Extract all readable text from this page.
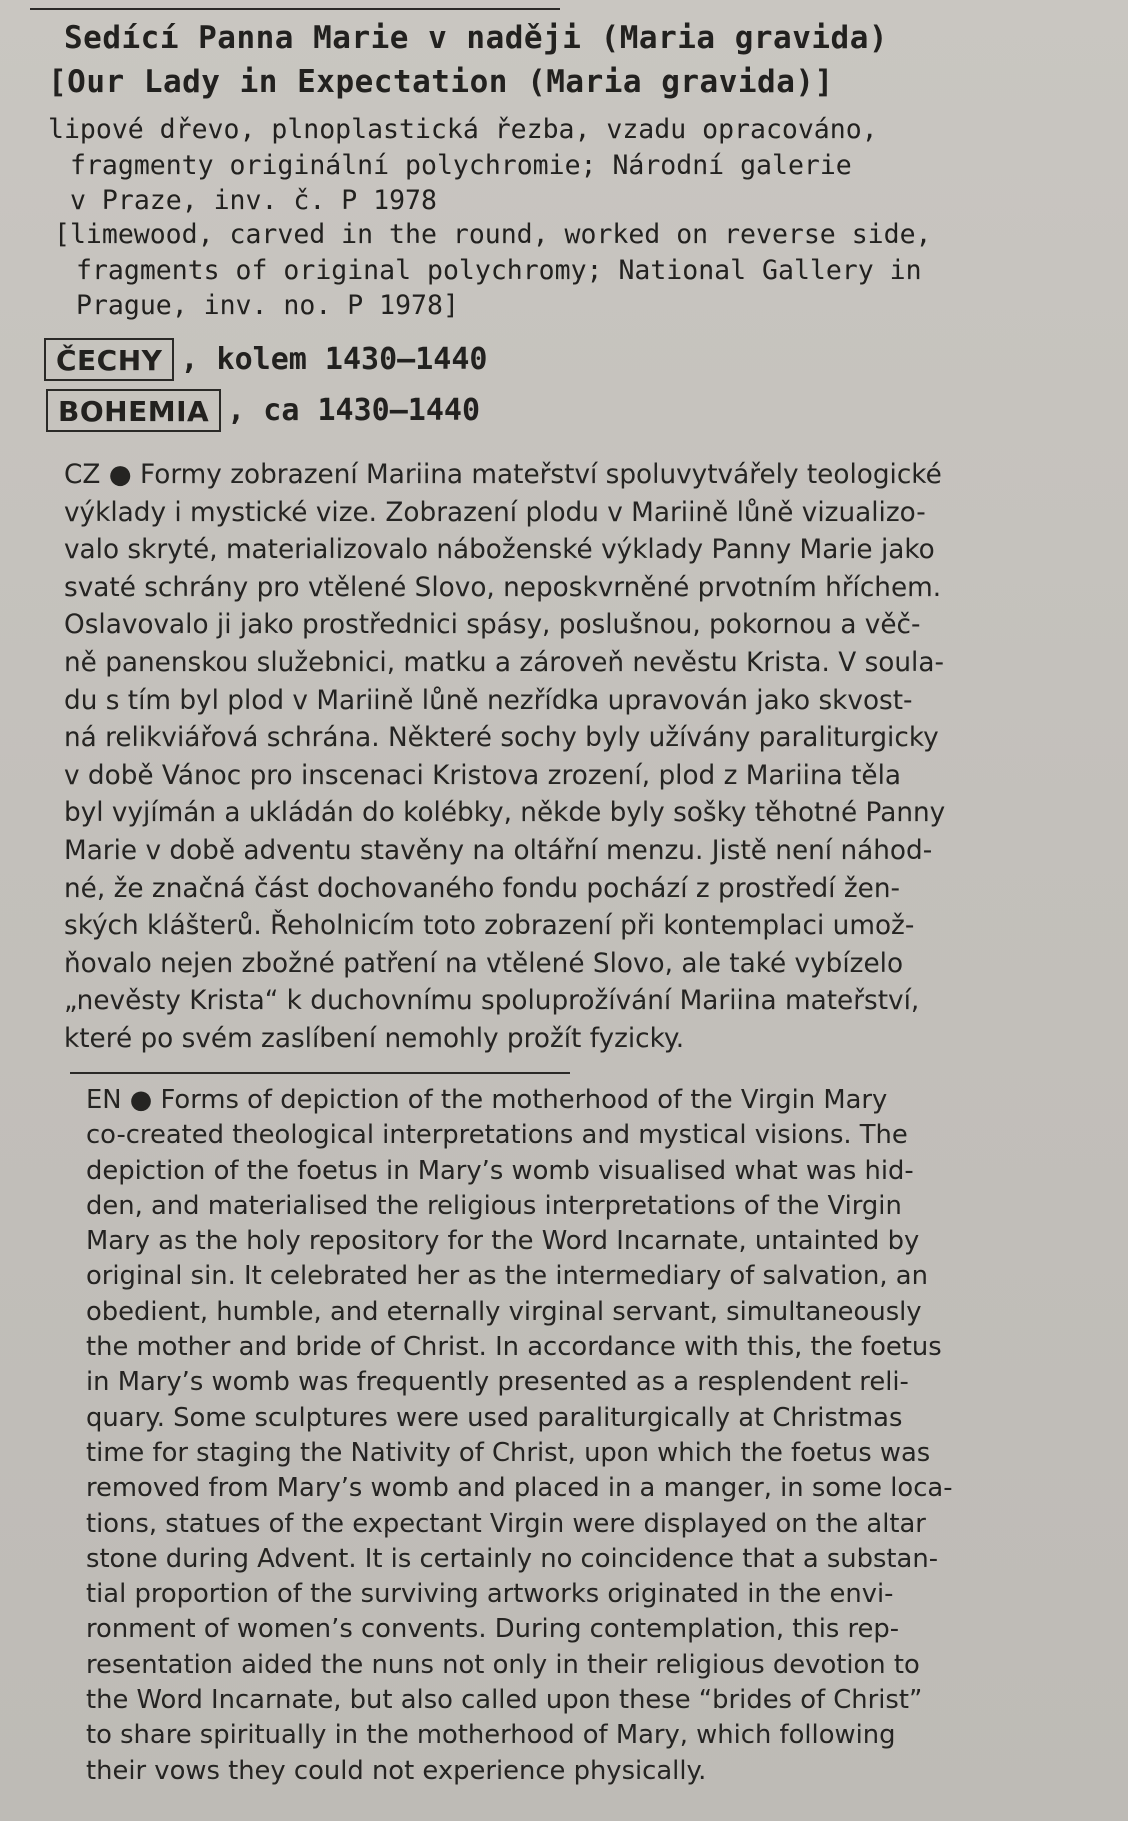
Sedící Panna Marie v naději (Maria gravida)
[Our Lady in Expectation (Maria gravida)]
lipové dřevo, plnoplastická řezba, vzadu opracováno,
fragmenty originální polychromie; Národní galerie
v Praze, inv. č. P 1978
[limewood, carved in the round, worked on reverse side,
fragments of original polychromy; National Gallery in
Prague, inv. no. P 1978]
ČECHY , kolem 1430–1440
BOHEMIA , ca 1430–1440
CZ ● Formy zobrazení Mariina mateřství spoluvytvářely teologické
výklady i mystické vize. Zobrazení plodu v Mariině lůně vizualizo-
valo skryté, materializovalo náboženské výklady Panny Marie jako
svaté schrány pro vtělené Slovo, neposkvrněné prvotním hříchem.
Oslavovalo ji jako prostřednici spásy, poslušnou, pokornou a věč-
ně panenskou služebnici, matku a zároveň nevěstu Krista. V soula-
du s tím byl plod v Mariině lůně nezřídka upravován jako skvost-
ná relikviářová schrána. Některé sochy byly užívány paraliturgicky
v době Vánoc pro inscenaci Kristova zrození, plod z Mariina těla
byl vyjímán a ukládán do kolébky, někde byly sošky těhotné Panny
Marie v době adventu stavěny na oltářní menzu. Jistě není náhod-
né, že značná část dochovaného fondu pochází z prostředí žen-
ských klášterů. Řeholnicím toto zobrazení při kontemplaci umož-
ňovalo nejen zbožné patření na vtělené Slovo, ale také vybízelo
„nevěsty Krista“ k duchovnímu spoluprožívání Mariina mateřství,
které po svém zaslíbení nemohly prožít fyzicky.
EN ● Forms of depiction of the motherhood of the Virgin Mary
co-created theological interpretations and mystical visions. The
depiction of the foetus in Mary’s womb visualised what was hid-
den, and materialised the religious interpretations of the Virgin
Mary as the holy repository for the Word Incarnate, untainted by
original sin. It celebrated her as the intermediary of salvation, an
obedient, humble, and eternally virginal servant, simultaneously
the mother and bride of Christ. In accordance with this, the foetus
in Mary’s womb was frequently presented as a resplendent reli-
quary. Some sculptures were used paraliturgically at Christmas
time for staging the Nativity of Christ, upon which the foetus was
removed from Mary’s womb and placed in a manger, in some loca-
tions, statues of the expectant Virgin were displayed on the altar
stone during Advent. It is certainly no coincidence that a substan-
tial proportion of the surviving artworks originated in the envi-
ronment of women’s convents. During contemplation, this rep-
resentation aided the nuns not only in their religious devotion to
the Word Incarnate, but also called upon these “brides of Christ”
to share spiritually in the motherhood of Mary, which following
their vows they could not experience physically.
